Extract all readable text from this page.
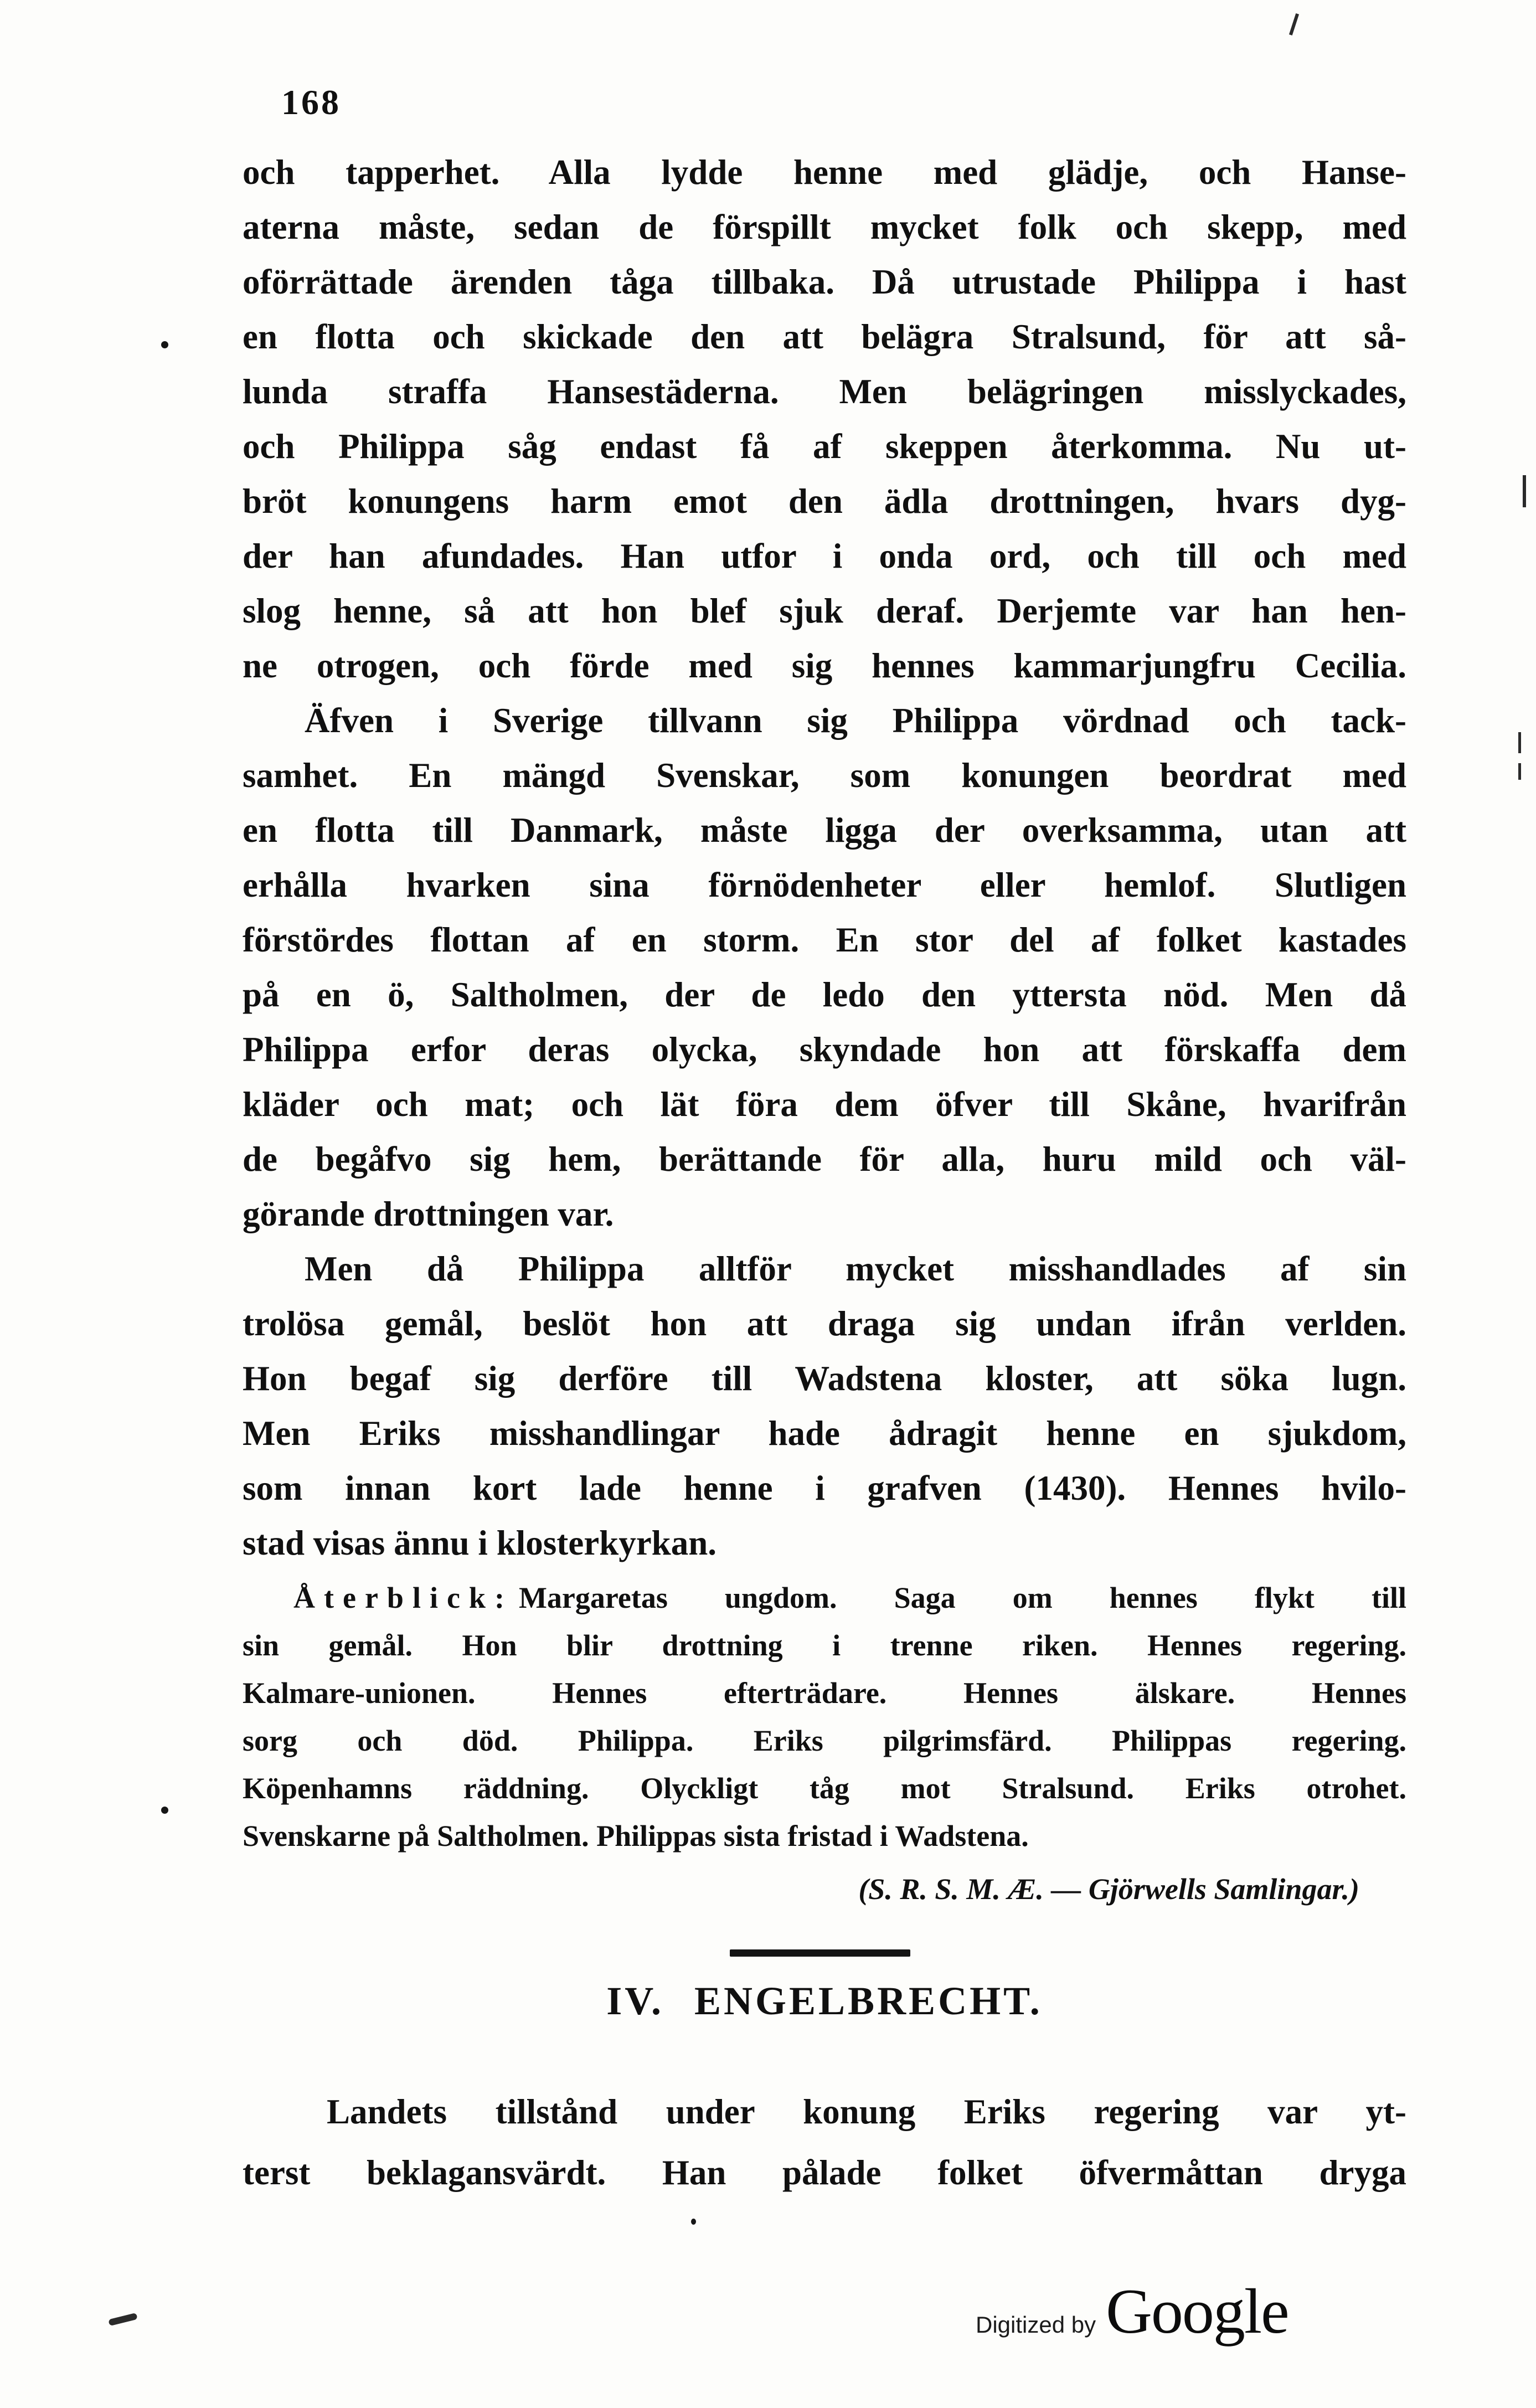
168
och tapperhet. Alla lydde henne med glädje, och Hanse-
aterna måste, sedan de förspillt mycket folk och skepp, med
oförrättade ärenden tåga tillbaka. Då utrustade Philippa i hast
en flotta och skickade den att belägra Stralsund, för att så-
lunda straffa Hansestäderna. Men belägringen misslyckades,
och Philippa såg endast få af skeppen återkomma. Nu ut-
bröt konungens harm emot den ädla drottningen, hvars dyg-
der han afundades. Han utfor i onda ord, och till och med
slog henne, så att hon blef sjuk deraf. Derjemte var han hen-
ne otrogen, och förde med sig hennes kammarjungfru Cecilia.
Äfven i Sverige tillvann sig Philippa vördnad och tack-
samhet. En mängd Svenskar, som konungen beordrat med
en flotta till Danmark, måste ligga der overksamma, utan att
erhålla hvarken sina förnödenheter eller hemlof. Slutligen
förstördes flottan af en storm. En stor del af folket kastades
på en ö, Saltholmen, der de ledo den yttersta nöd. Men då
Philippa erfor deras olycka, skyndade hon att förskaffa dem
kläder och mat; och lät föra dem öfver till Skåne, hvarifrån
de begåfvo sig hem, berättande för alla, huru mild och väl-
görande drottningen var.
Men då Philippa alltför mycket misshandlades af sin
trolösa gemål, beslöt hon att draga sig undan ifrån verlden.
Hon begaf sig derföre till Wadstena kloster, att söka lugn.
Men Eriks misshandlingar hade ådragit henne en sjukdom,
som innan kort lade henne i grafven (1430). Hennes hvilo-
stad visas ännu i klosterkyrkan.
Återblick: Margaretas ungdom. Saga om hennes flykt till
sin gemål. Hon blir drottning i trenne riken. Hennes regering.
Kalmare-unionen. Hennes efterträdare. Hennes älskare. Hennes
sorg och död. Philippa. Eriks pilgrimsfärd. Philippas regering.
Köpenhamns räddning. Olyckligt tåg mot Stralsund. Eriks otrohet.
Svenskarne på Saltholmen. Philippas sista fristad i Wadstena.
(S. R. S. M. Æ. — Gjörwells Samlingar.)
IV. ENGELBRECHT.
Landets tillstånd under konung Eriks regering var yt-
terst beklagansvärdt. Han pålade folket öfvermåttan dryga
Digitized by Google
